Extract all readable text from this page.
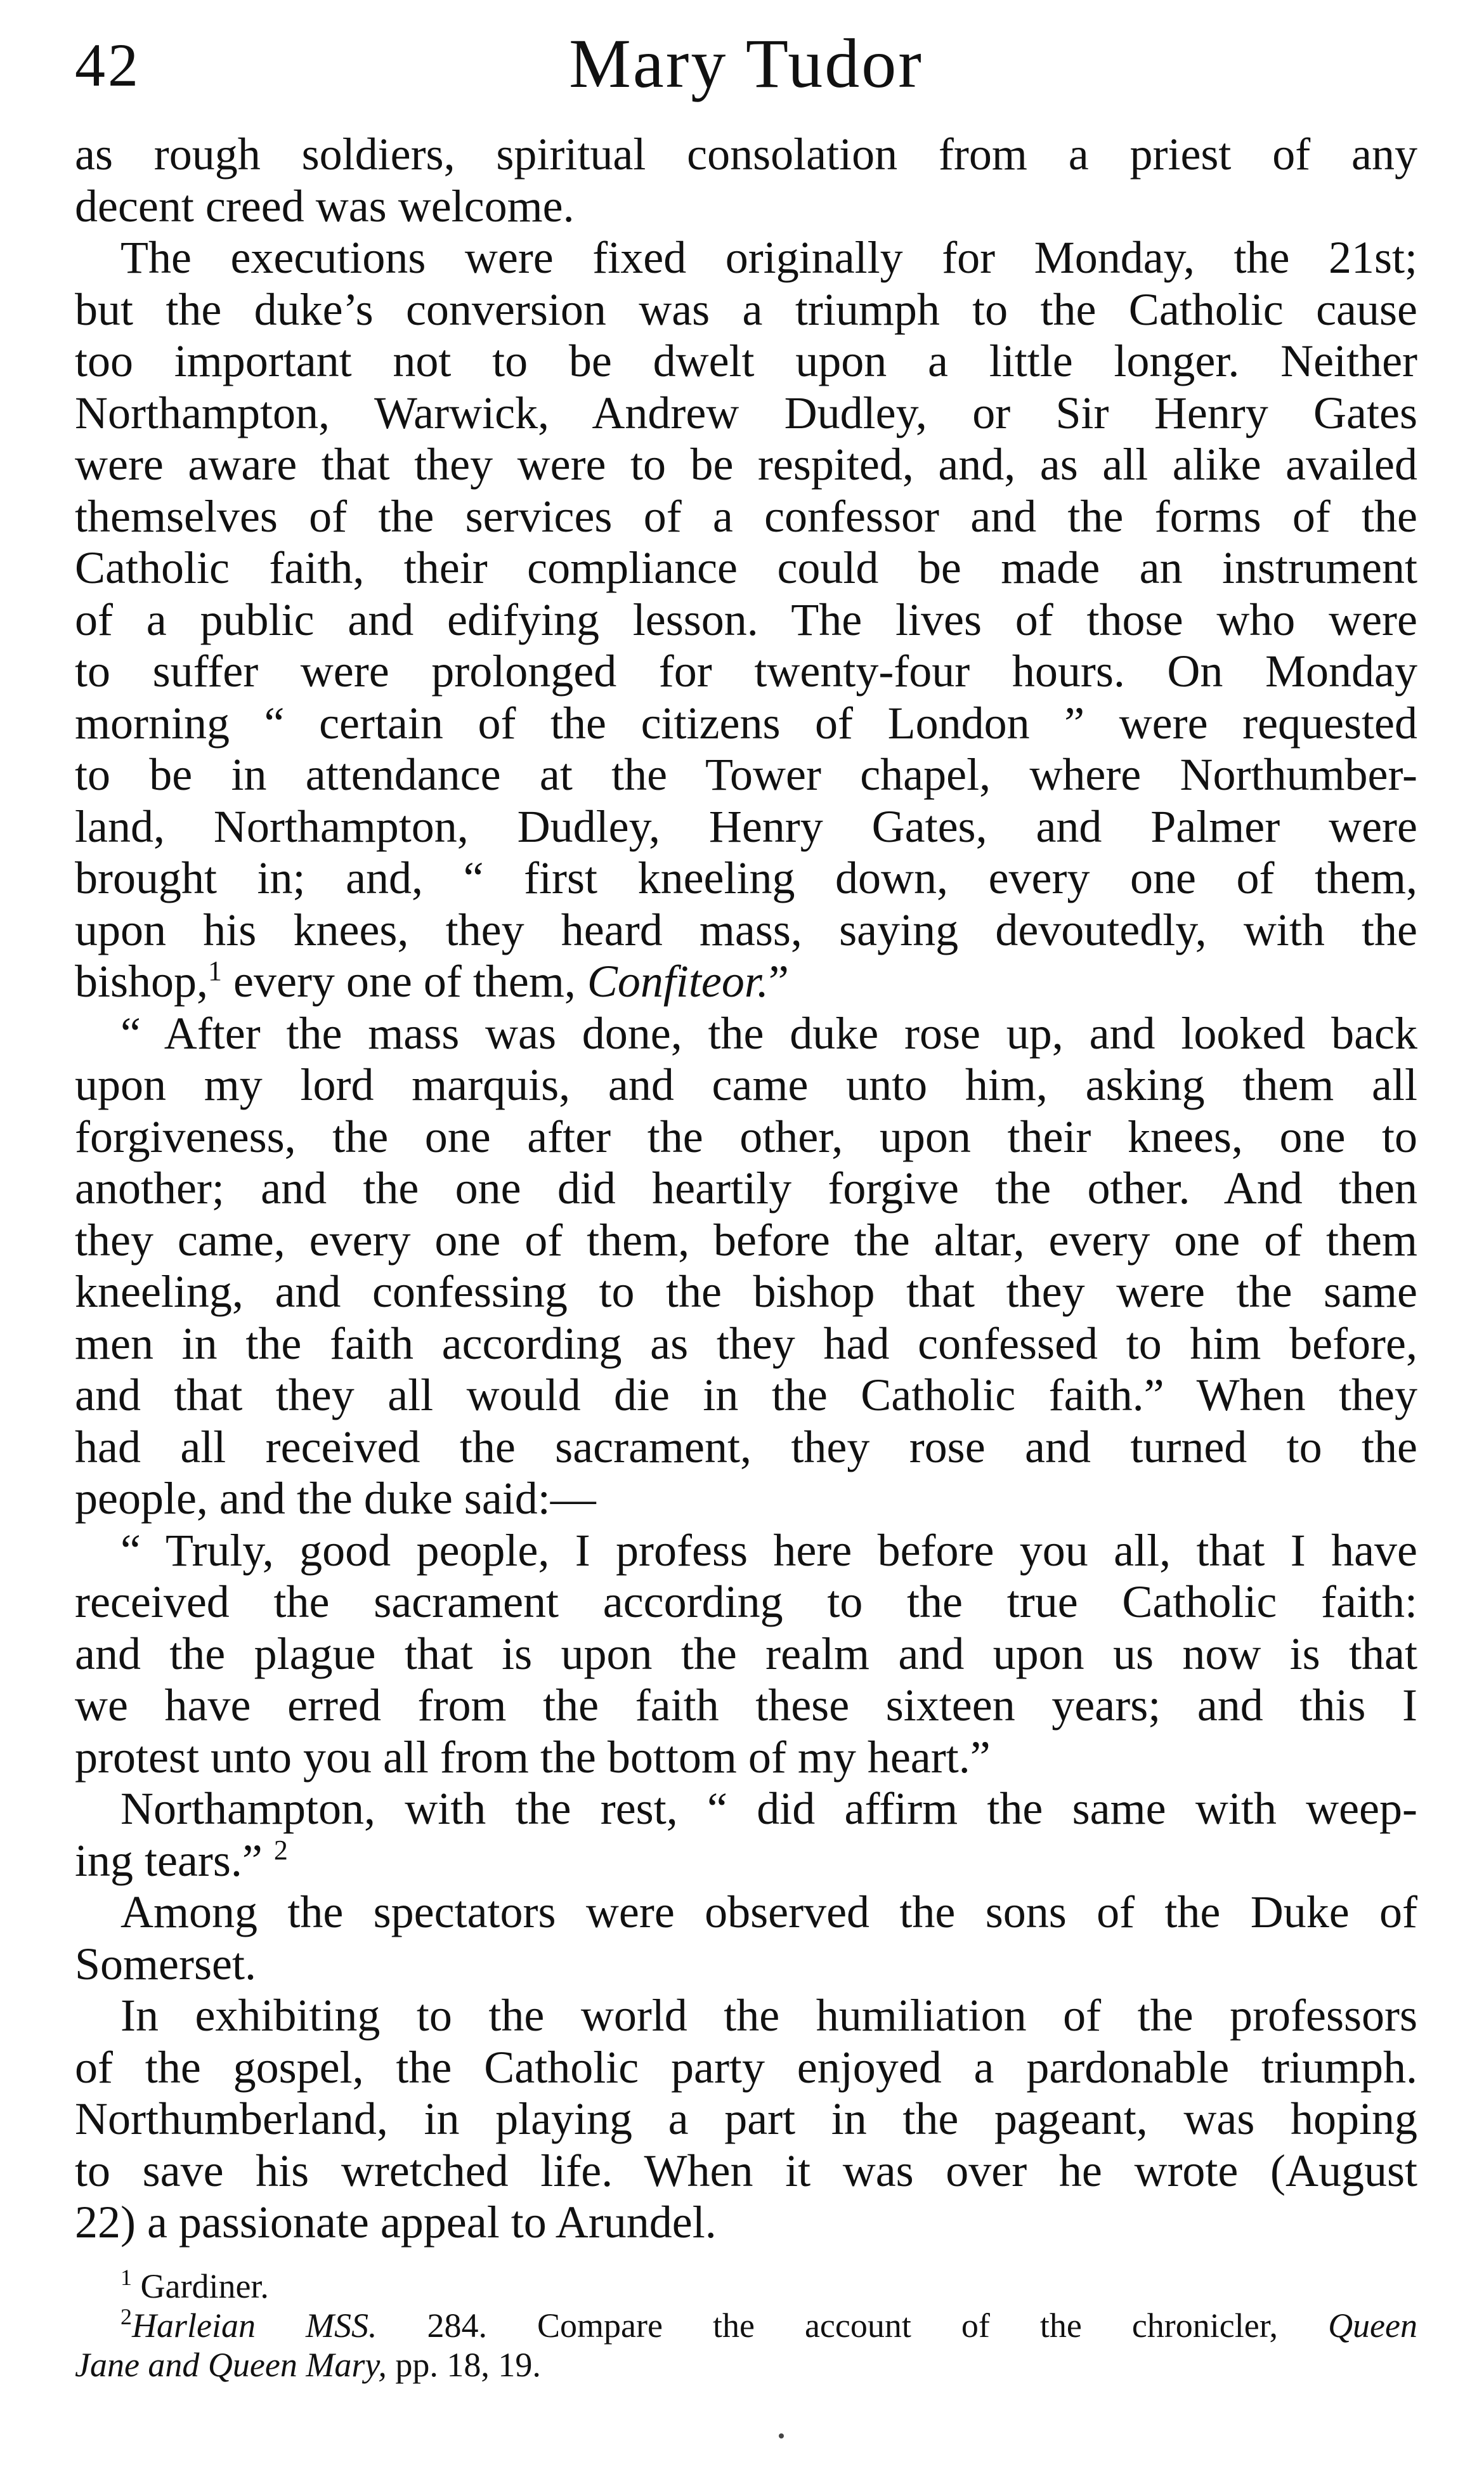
42	Mary Tudor
as rough soldiers, spiritual consolation from a priest of any
decent creed was welcome.
The executions were fixed originally for Monday, the 21st;
but the duke’s conversion was a triumph to the Catholic cause
too important not to be dwelt upon a little longer. Neither
Northampton, Warwick, Andrew Dudley, or Sir Henry Gates
were aware that they were to be respited, and, as all alike availed
themselves of the services of a confessor and the forms of the
Catholic faith, their compliance could be made an instrument
of a public and edifying lesson. The lives of those who were
to suffer were prolonged for twenty-four hours. On Monday
morning “ certain of the citizens of London ” were requested
to be in attendance at the Tower chapel, where Northumber-
land, Northampton, Dudley, Henry Gates, and Palmer were
brought in; and, “ first kneeling down, every one of them,
upon his knees, they heard mass, saying devoutedly, with the
bishop,$^1$ every one of them, Confiteor.”
“ After the mass was done, the duke rose up, and looked back
upon my lord marquis, and came unto him, asking them all
forgiveness, the one after the other, upon their knees, one to
another; and the one did heartily forgive the other. And then
they came, every one of them, before the altar, every one of them
kneeling, and confessing to the bishop that they were the same
men in the faith according as they had confessed to him before,
and that they all would die in the Catholic faith.” When they
had all received the sacrament, they rose and turned to the
people, and the duke said:—
“ Truly, good people, I profess here before you all, that I have
received the sacrament according to the true Catholic faith:
and the plague that is upon the realm and upon us now is that
we have erred from the faith these sixteen years; and this I
protest unto you all from the bottom of my heart.”
Northampton, with the rest, “ did affirm the same with weep-
ing tears.” $^2$
Among the spectators were observed the sons of the Duke of
Somerset.
In exhibiting to the world the humiliation of the professors
of the gospel, the Catholic party enjoyed a pardonable triumph.
Northumberland, in playing a part in the pageant, was hoping
to save his wretched life. When it was over he wrote (August
22) a passionate appeal to Arundel.
$^1$ Gardiner.
$^2$Harleian MSS. 284. Compare the account of the chronicler, Queen
Jane and Queen Mary, pp. 18, 19.
